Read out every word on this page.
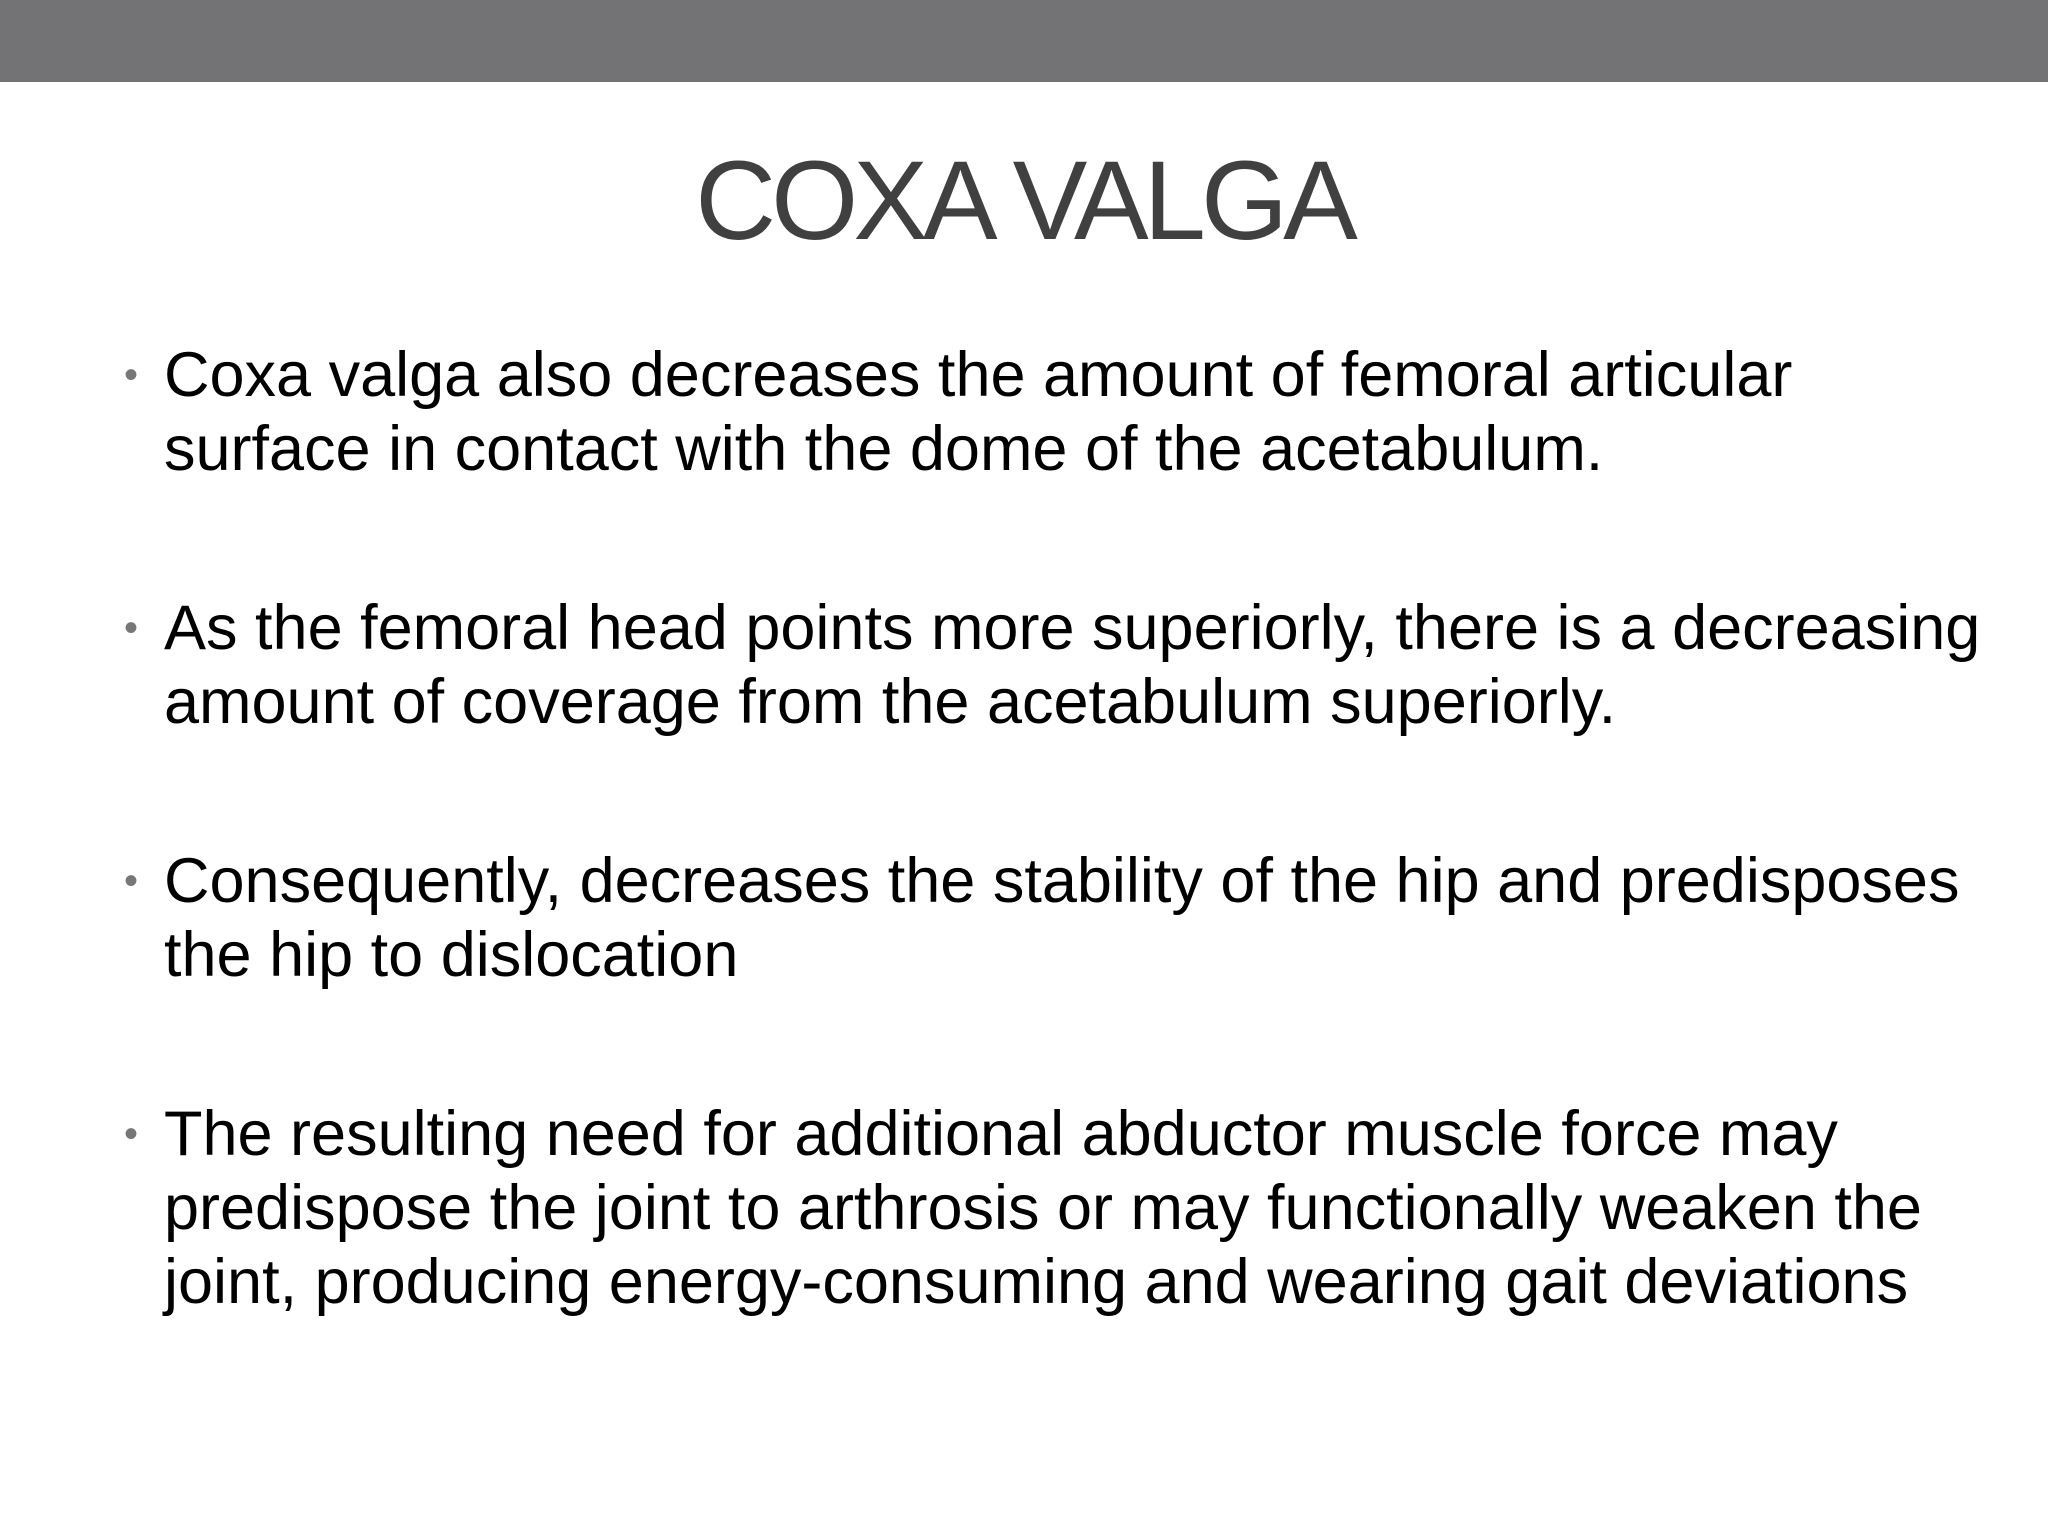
COXA VALGA
• Coxa valga also decreases the amount of femoral articular surface in contact with the dome of the acetabulum.
• As the femoral head points more superiorly, there is a decreasing amount of coverage from the acetabulum superiorly.
• Consequently, decreases the stability of the hip and predisposes the hip to dislocation
• The resulting need for additional abductor muscle force may predispose the joint to arthrosis or may functionally weaken the joint, producing energy-consuming and wearing gait deviations
